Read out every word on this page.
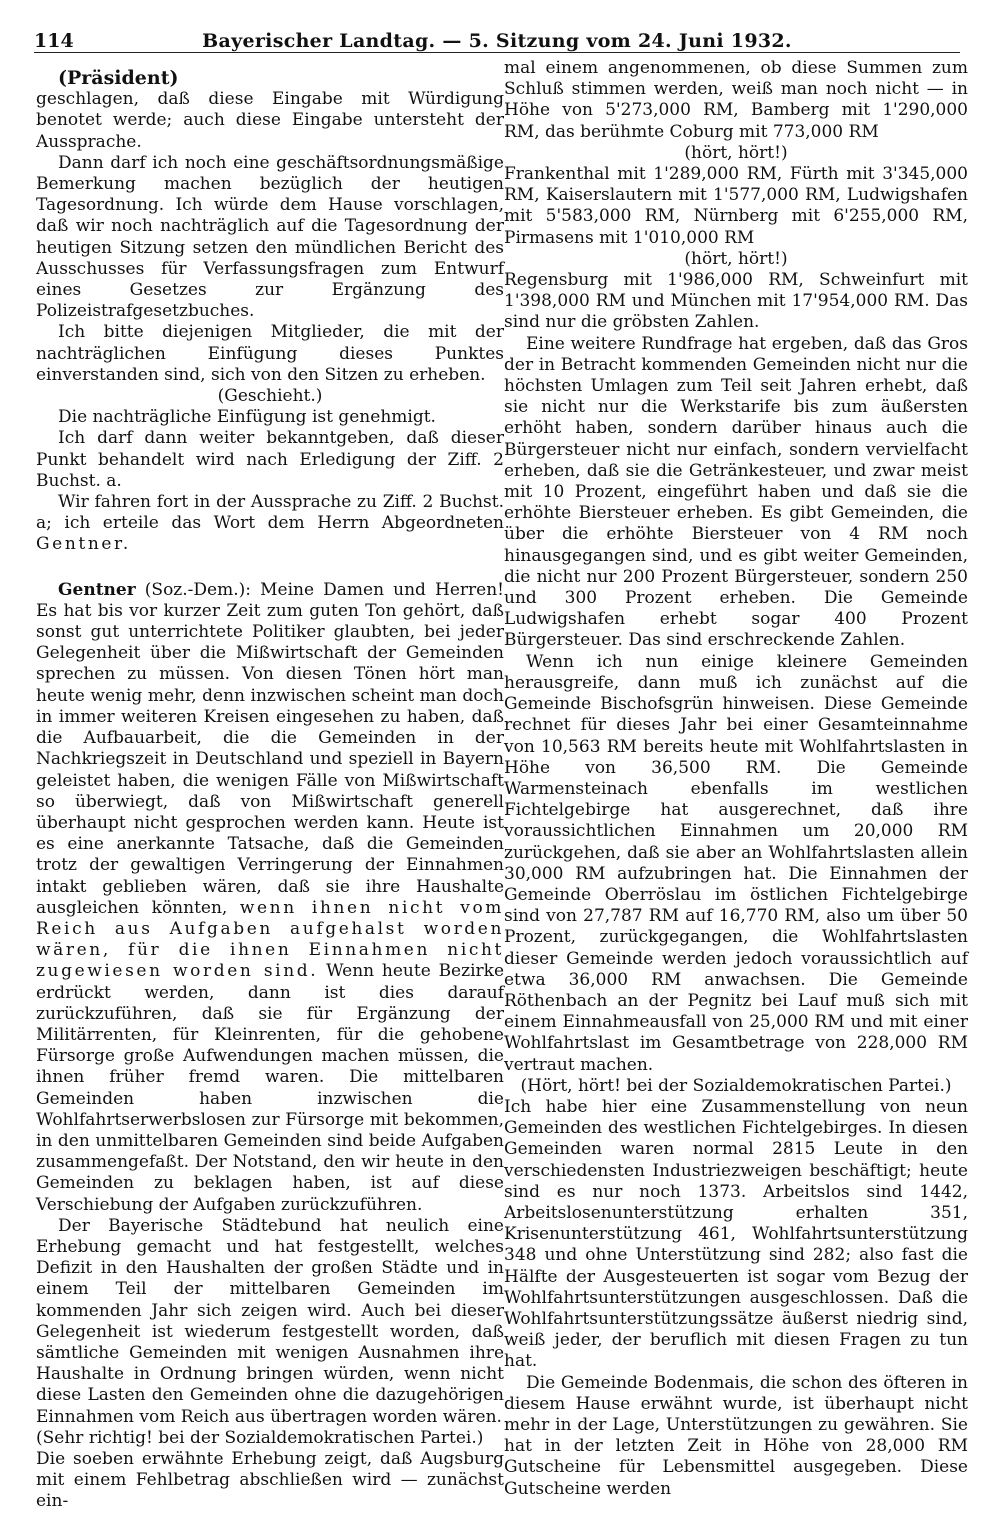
114	Bayerischer Landtag. — 5. Sitzung vom 24. Juni 1932.

(Präsident)

geschlagen, daß diese Eingabe mit Würdigung benotet werde; auch diese Eingabe untersteht der Aussprache.

Dann darf ich noch eine geschäftsordnungsmäßige Bemerkung machen bezüglich der heutigen Tagesordnung. Ich würde dem Hause vorschlagen, daß wir noch nachträglich auf die Tagesordnung der heutigen Sitzung setzen den mündlichen Bericht des Ausschusses für Verfassungsfragen zum Entwurf eines Gesetzes zur Ergänzung des Polizeistrafgesetzbuches.

Ich bitte diejenigen Mitglieder, die mit der nachträglichen Einfügung dieses Punktes einverstanden sind, sich von den Sitzen zu erheben.

(Geschieht.)

Die nachträgliche Einfügung ist genehmigt.

Ich darf dann weiter bekanntgeben, daß dieser Punkt behandelt wird nach Erledigung der Ziff. 2 Buchst. a.

Wir fahren fort in der Aussprache zu Ziff. 2 Buchst. a; ich erteile das Wort dem Herrn Abgeordneten Gentner.

Gentner (Soz.-Dem.): Meine Damen und Herren! Es hat bis vor kurzer Zeit zum guten Ton gehört, daß sonst gut unterrichtete Politiker glaubten, bei jeder Gelegenheit über die Mißwirtschaft der Gemeinden sprechen zu müssen. Von diesen Tönen hört man heute wenig mehr, denn inzwischen scheint man doch in immer weiteren Kreisen eingesehen zu haben, daß die Aufbauarbeit, die die Gemeinden in der Nachkriegszeit in Deutschland und speziell in Bayern geleistet haben, die wenigen Fälle von Mißwirtschaft so überwiegt, daß von Mißwirtschaft generell überhaupt nicht gesprochen werden kann. Heute ist es eine anerkannte Tatsache, daß die Gemeinden trotz der gewaltigen Verringerung der Einnahmen intakt geblieben wären, daß sie ihre Haushalte ausgleichen könnten, wenn ihnen nicht vom Reich aus Aufgaben aufgehalst worden wären, für die ihnen Einnahmen nicht zugewiesen worden sind. Wenn heute Bezirke erdrückt werden, dann ist dies darauf zurückzuführen, daß sie für Ergänzung der Militärrenten, für Kleinrenten, für die gehobene Fürsorge große Aufwendungen machen müssen, die ihnen früher fremd waren. Die mittelbaren Gemeinden haben inzwischen die Wohlfahrtserwerbslosen zur Fürsorge mit bekommen, in den unmittelbaren Gemeinden sind beide Aufgaben zusammengefaßt. Der Notstand, den wir heute in den Gemeinden zu beklagen haben, ist auf diese Verschiebung der Aufgaben zurückzuführen.

Der Bayerische Städtebund hat neulich eine Erhebung gemacht und hat festgestellt, welches Defizit in den Haushalten der großen Städte und in einem Teil der mittelbaren Gemeinden im kommenden Jahr sich zeigen wird. Auch bei dieser Gelegenheit ist wiederum festgestellt worden, daß sämtliche Gemeinden mit wenigen Ausnahmen ihre Haushalte in Ordnung bringen würden, wenn nicht diese Lasten den Gemeinden ohne die dazugehörigen Einnahmen vom Reich aus übertragen worden wären.

(Sehr richtig! bei der Sozialdemokratischen Partei.)

Die soeben erwähnte Erhebung zeigt, daß Augsburg mit einem Fehlbetrag abschließen wird — zunächst ein-

mal einem angenommenen, ob diese Summen zum Schluß stimmen werden, weiß man noch nicht — in Höhe von 5'273,000 RM, Bamberg mit 1'290,000 RM, das berühmte Coburg mit 773,000 RM

(hört, hört!)

Frankenthal mit 1'289,000 RM, Fürth mit 3'345,000 RM, Kaiserslautern mit 1'577,000 RM, Ludwigshafen mit 5'583,000 RM, Nürnberg mit 6'255,000 RM, Pirmasens mit 1'010,000 RM

(hört, hört!)

Regensburg mit 1'986,000 RM, Schweinfurt mit 1'398,000 RM und München mit 17'954,000 RM. Das sind nur die gröbsten Zahlen.

Eine weitere Rundfrage hat ergeben, daß das Gros der in Betracht kommenden Gemeinden nicht nur die höchsten Umlagen zum Teil seit Jahren erhebt, daß sie nicht nur die Werkstarife bis zum äußersten erhöht haben, sondern darüber hinaus auch die Bürgersteuer nicht nur einfach, sondern vervielfacht erheben, daß sie die Getränkesteuer, und zwar meist mit 10 Prozent, eingeführt haben und daß sie die erhöhte Biersteuer erheben. Es gibt Gemeinden, die über die erhöhte Biersteuer von 4 RM noch hinausgegangen sind, und es gibt weiter Gemeinden, die nicht nur 200 Prozent Bürgersteuer, sondern 250 und 300 Prozent erheben. Die Gemeinde Ludwigshafen erhebt sogar 400 Prozent Bürgersteuer. Das sind erschreckende Zahlen.

Wenn ich nun einige kleinere Gemeinden herausgreife, dann muß ich zunächst auf die Gemeinde Bischofsgrün hinweisen. Diese Gemeinde rechnet für dieses Jahr bei einer Gesamteinnahme von 10,563 RM bereits heute mit Wohlfahrtslasten in Höhe von 36,500 RM. Die Gemeinde Warmensteinach ebenfalls im westlichen Fichtelgebirge hat ausgerechnet, daß ihre voraussichtlichen Einnahmen um 20,000 RM zurückgehen, daß sie aber an Wohlfahrtslasten allein 30,000 RM aufzubringen hat. Die Einnahmen der Gemeinde Oberröslau im östlichen Fichtelgebirge sind von 27,787 RM auf 16,770 RM, also um über 50 Prozent, zurückgegangen, die Wohlfahrtslasten dieser Gemeinde werden jedoch voraussichtlich auf etwa 36,000 RM anwachsen. Die Gemeinde Röthenbach an der Pegnitz bei Lauf muß sich mit einem Einnahmeausfall von 25,000 RM und mit einer Wohlfahrtslast im Gesamtbetrage von 228,000 RM vertraut machen.

(Hört, hört! bei der Sozialdemokratischen Partei.)

Ich habe hier eine Zusammenstellung von neun Gemeinden des westlichen Fichtelgebirges. In diesen Gemeinden waren normal 2815 Leute in den verschiedensten Industriezweigen beschäftigt; heute sind es nur noch 1373. Arbeitslos sind 1442, Arbeitslosenunterstützung erhalten 351, Krisenunterstützung 461, Wohlfahrtsunterstützung 348 und ohne Unterstützung sind 282; also fast die Hälfte der Ausgesteuerten ist sogar vom Bezug der Wohlfahrtsunterstützungen ausgeschlossen. Daß die Wohlfahrtsunterstützungssätze äußerst niedrig sind, weiß jeder, der beruflich mit diesen Fragen zu tun hat.

Die Gemeinde Bodenmais, die schon des öfteren in diesem Hause erwähnt wurde, ist überhaupt nicht mehr in der Lage, Unterstützungen zu gewähren. Sie hat in der letzten Zeit in Höhe von 28,000 RM Gutscheine für Lebensmittel ausgegeben. Diese Gutscheine werden
